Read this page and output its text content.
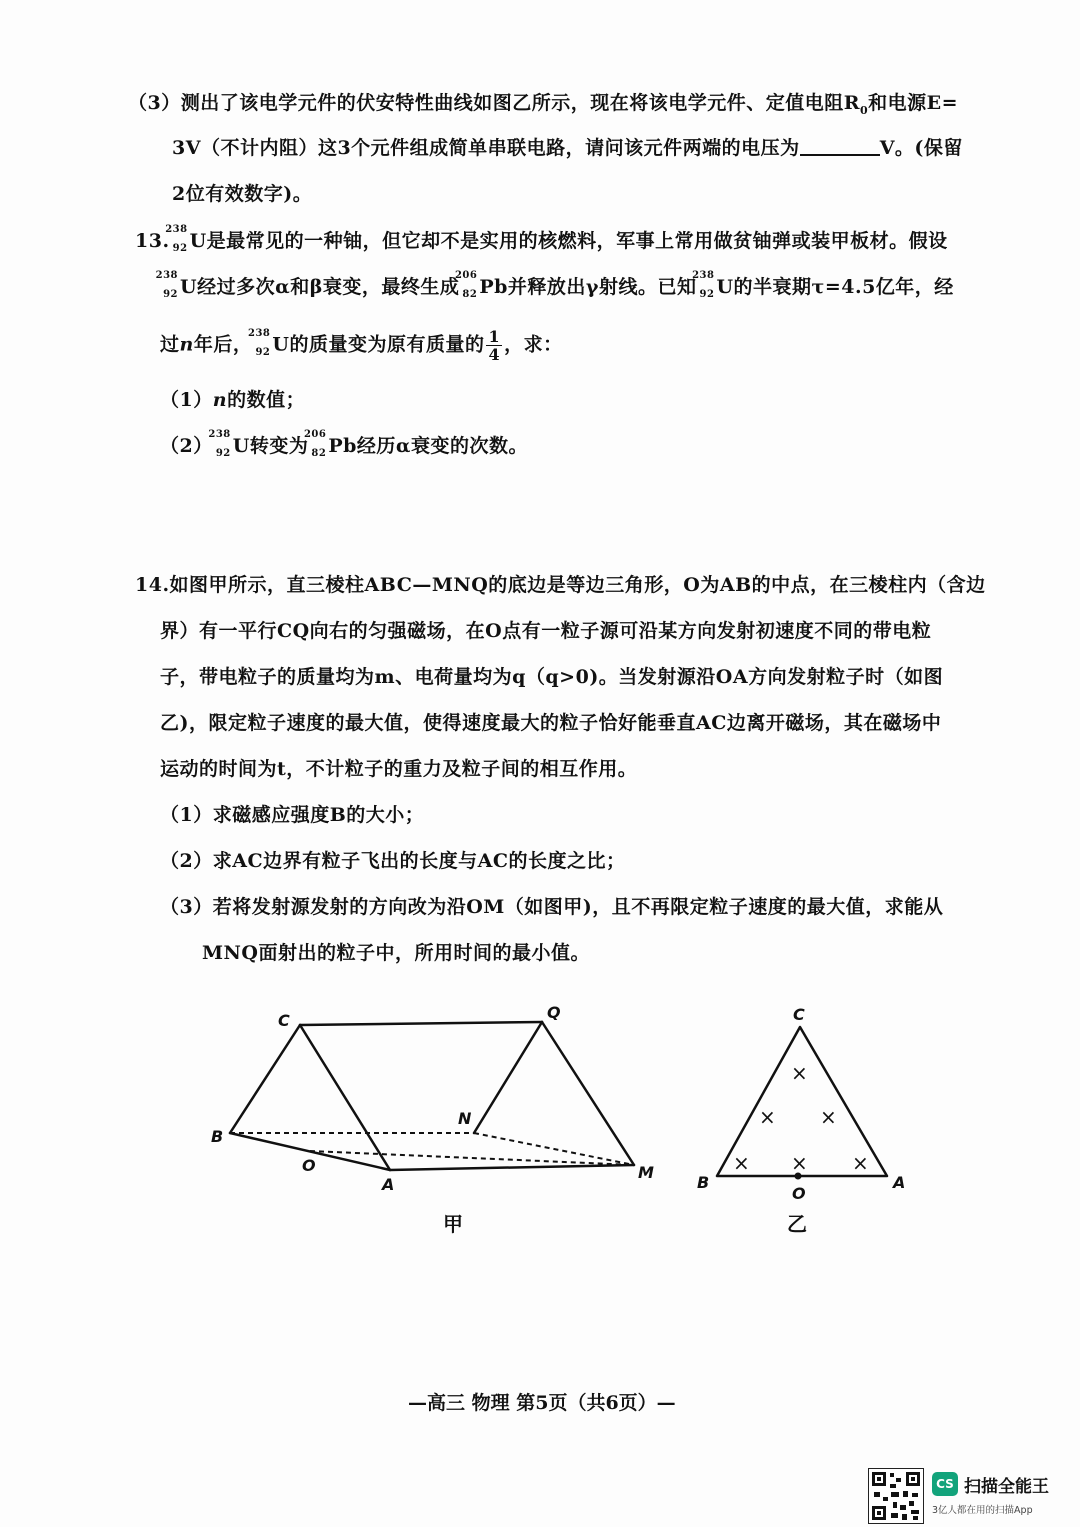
（3）测出了该电学元件的伏安特性曲线如图乙所示，现在将该电学元件、定值电阻$R_0$和电源E=
3V（不计内阻）这3个元件组成简单串联电路，请问该元件两端的电压为	V。(保留
2位有效数字)。
13.
238
92 U是最常见的一种铀，但它却不是实用的核燃料，军事上常用做贫铀弹或装甲板材。假设
238
92 U经过多次α和β衰变，最终生成
206
82 Pb并释放出γ射线。已知
238
92 U的半衰期τ=4.5亿年，经
过n年后，
238
92 U的质量变为原有质量的 $\frac{1}{4}$ ，求：
（1）n的数值；
（2）
238
92 U转变为
206
82 Pb经历α衰变的次数。
14.如图甲所示，直三棱柱ABC—MNQ的底边是等边三角形，O为AB的中点，在三棱柱内（含边
界）有一平行CQ向右的匀强磁场，在O点有一粒子源可沿某方向发射初速度不同的带电粒
子，带电粒子的质量均为m、电荷量均为q（q>0)。当发射源沿OA方向发射粒子时（如图
乙)，限定粒子速度的最大值，使得速度最大的粒子恰好能垂直AC边离开磁场，其在磁场中
运动的时间为t，不计粒子的重力及粒子间的相互作用。
（1）求磁感应强度B的大小；
（2）求AC边界有粒子飞出的长度与AC的长度之比；
（3）若将发射源发射的方向改为沿OM（如图甲)，且不再限定粒子速度的最大值，求能从
MNQ面射出的粒子中，所用时间的最小值。
C	Q
B
N
O
A
M
×
× ×
× × ×
C
B	A
O
甲	乙
—高三 物理 第5页（共6页）—
CS 扫描全能王
3亿人都在用的扫描App
